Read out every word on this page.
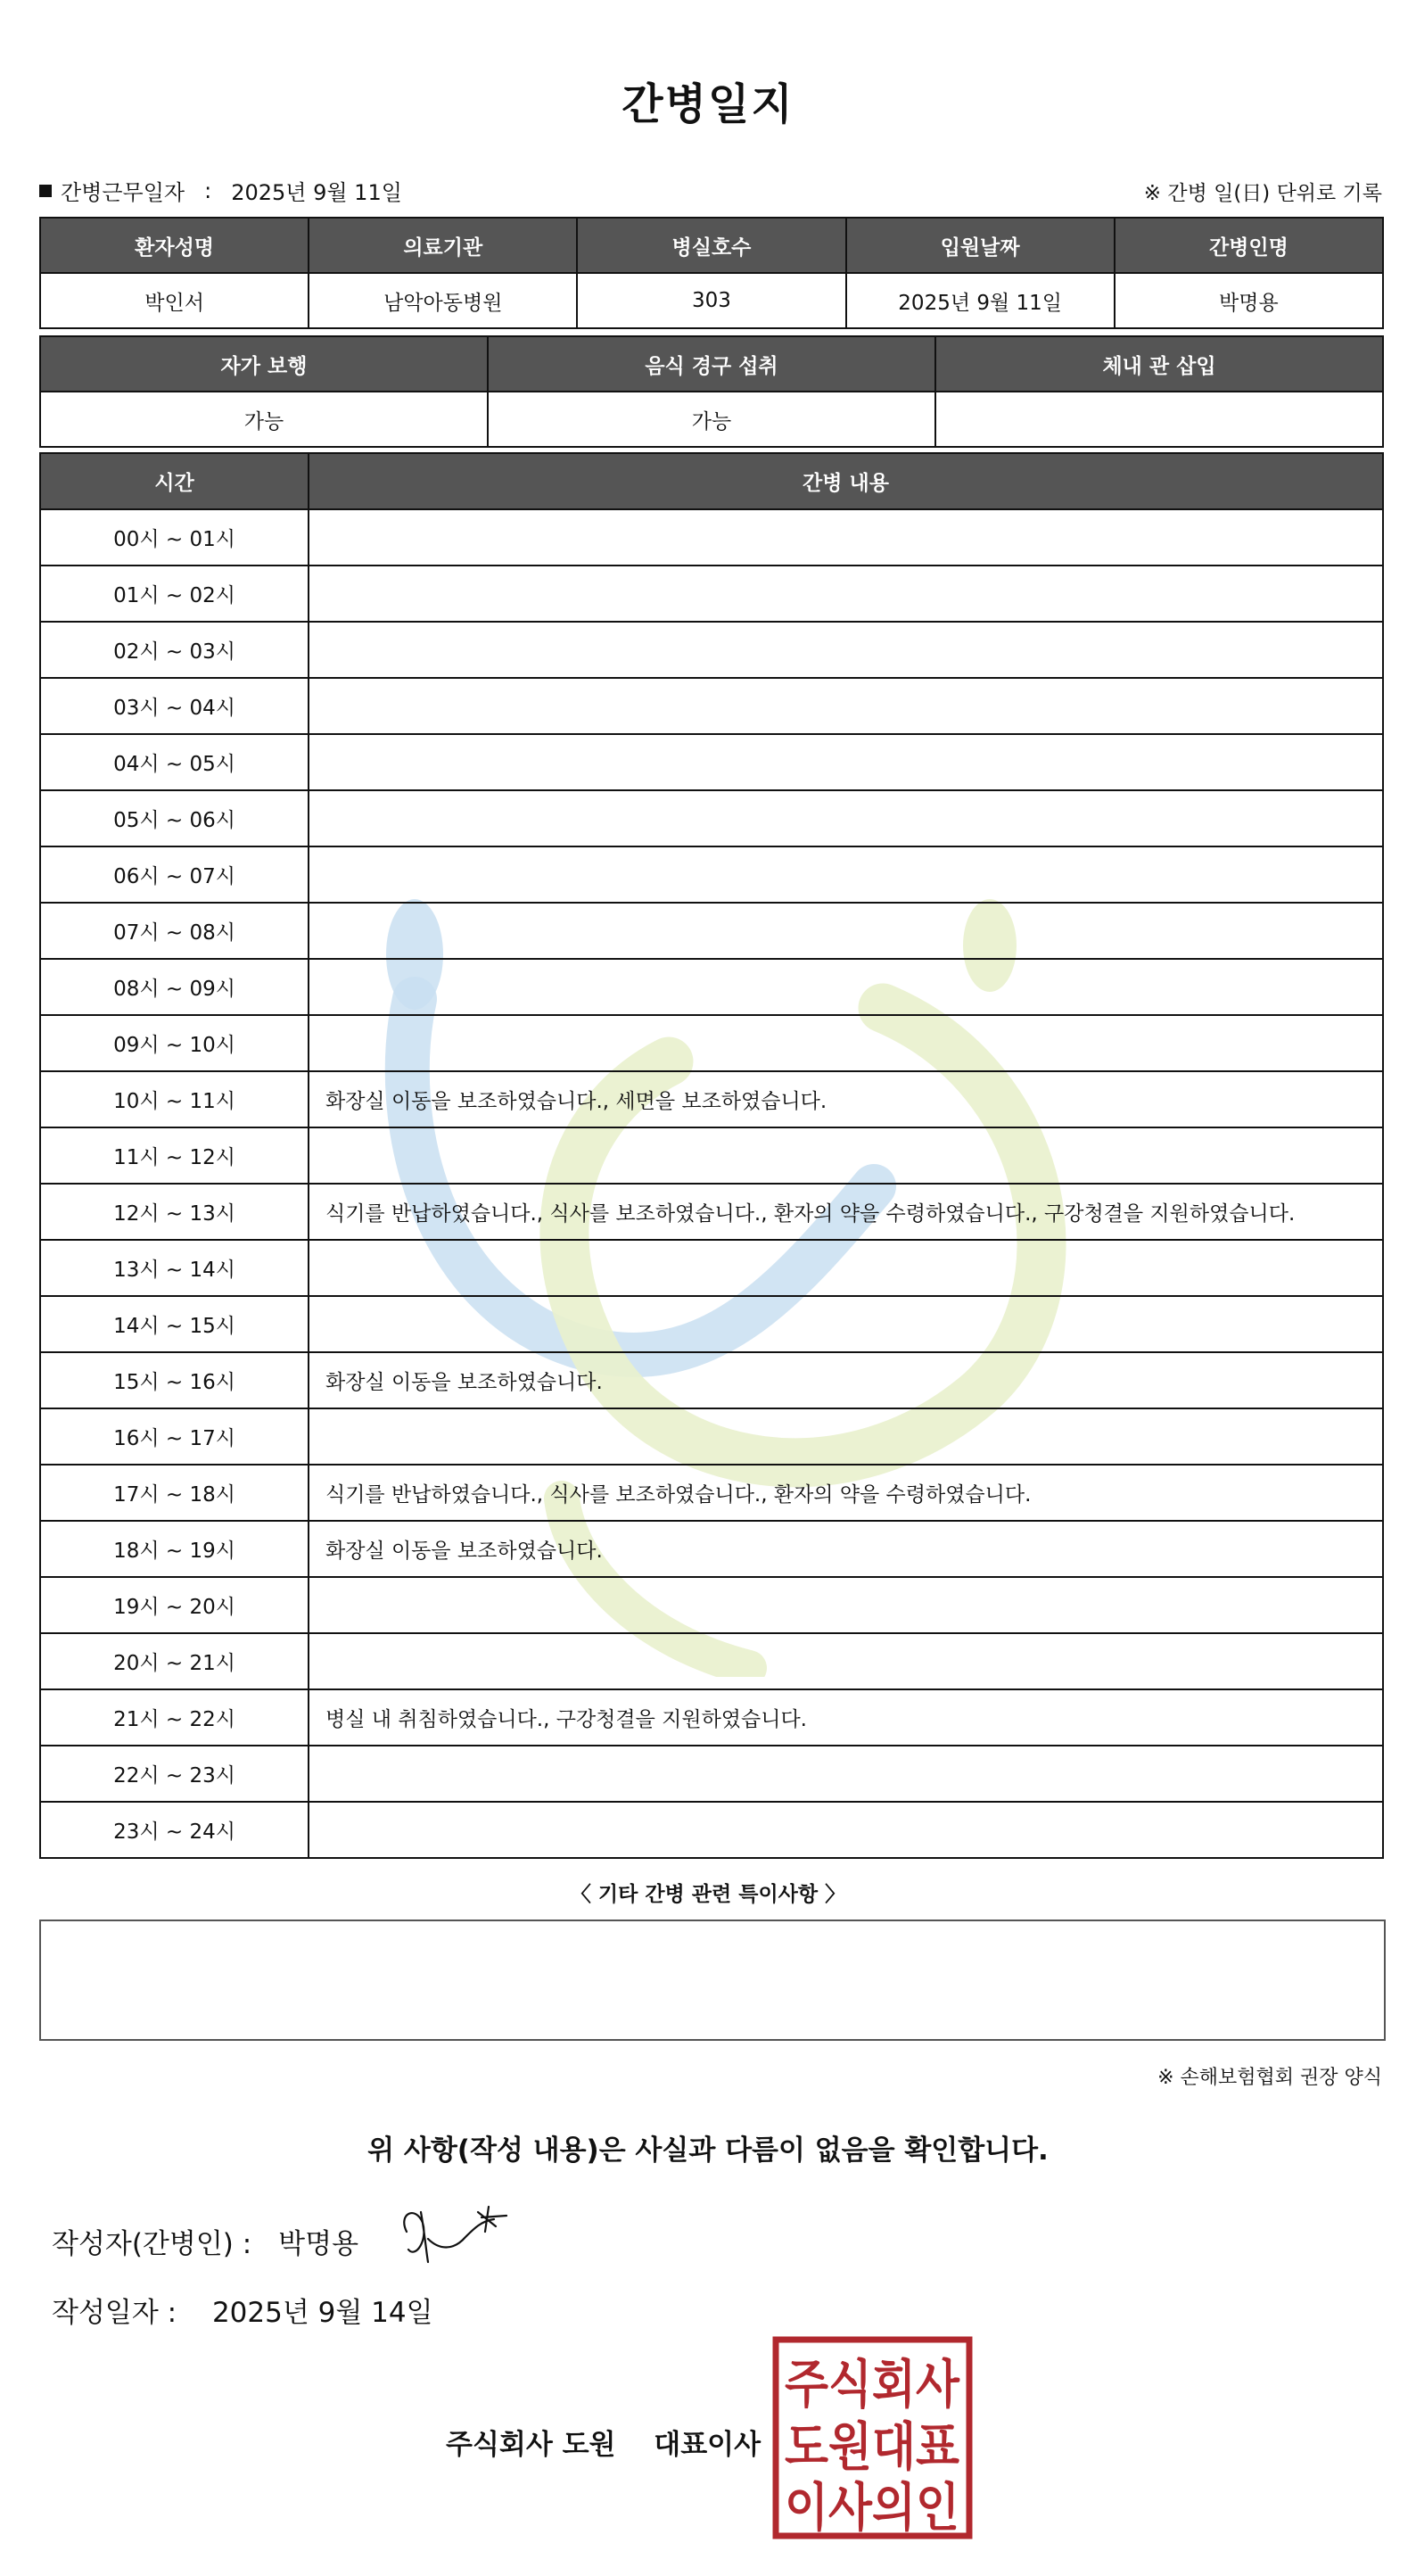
간병일지
간병근무일자 : 2025년 9월 11일	※ 간병 일(日) 단위로 기록
환자성명	의료기관	병실호수	입원날짜	간병인명
박인서	남악아동병원	303	2025년 9월 11일	박명용
자가 보행	음식 경구 섭취	체내 관 삽입
가능	가능	
시간	간병 내용
00시 ~ 01시	
01시 ~ 02시	
02시 ~ 03시	
03시 ~ 04시	
04시 ~ 05시	
05시 ~ 06시	
06시 ~ 07시	
07시 ~ 08시	
08시 ~ 09시	
09시 ~ 10시	
10시 ~ 11시	화장실 이동을 보조하였습니다., 세면을 보조하였습니다.
11시 ~ 12시	
12시 ~ 13시	식기를 반납하였습니다., 식사를 보조하였습니다., 환자의 약을 수령하였습니다., 구강청결을 지원하였습니다.
13시 ~ 14시	
14시 ~ 15시	
15시 ~ 16시	화장실 이동을 보조하였습니다.
16시 ~ 17시	
17시 ~ 18시	식기를 반납하였습니다., 식사를 보조하였습니다., 환자의 약을 수령하였습니다.
18시 ~ 19시	화장실 이동을 보조하였습니다.
19시 ~ 20시	
20시 ~ 21시	
21시 ~ 22시	병실 내 취침하였습니다., 구강청결을 지원하였습니다.
22시 ~ 23시	
23시 ~ 24시	
〈 기타 간병 관련 특이사항 〉
※ 손해보험협회 권장 양식
위 사항(작성 내용)은 사실과 다름이 없음을 확인합니다.
작성자(간병인) : 박명용
작성일자 : 2025년 9월 14일
주식회사 도원 대표이사
주식회사
도원대표
이사의인
